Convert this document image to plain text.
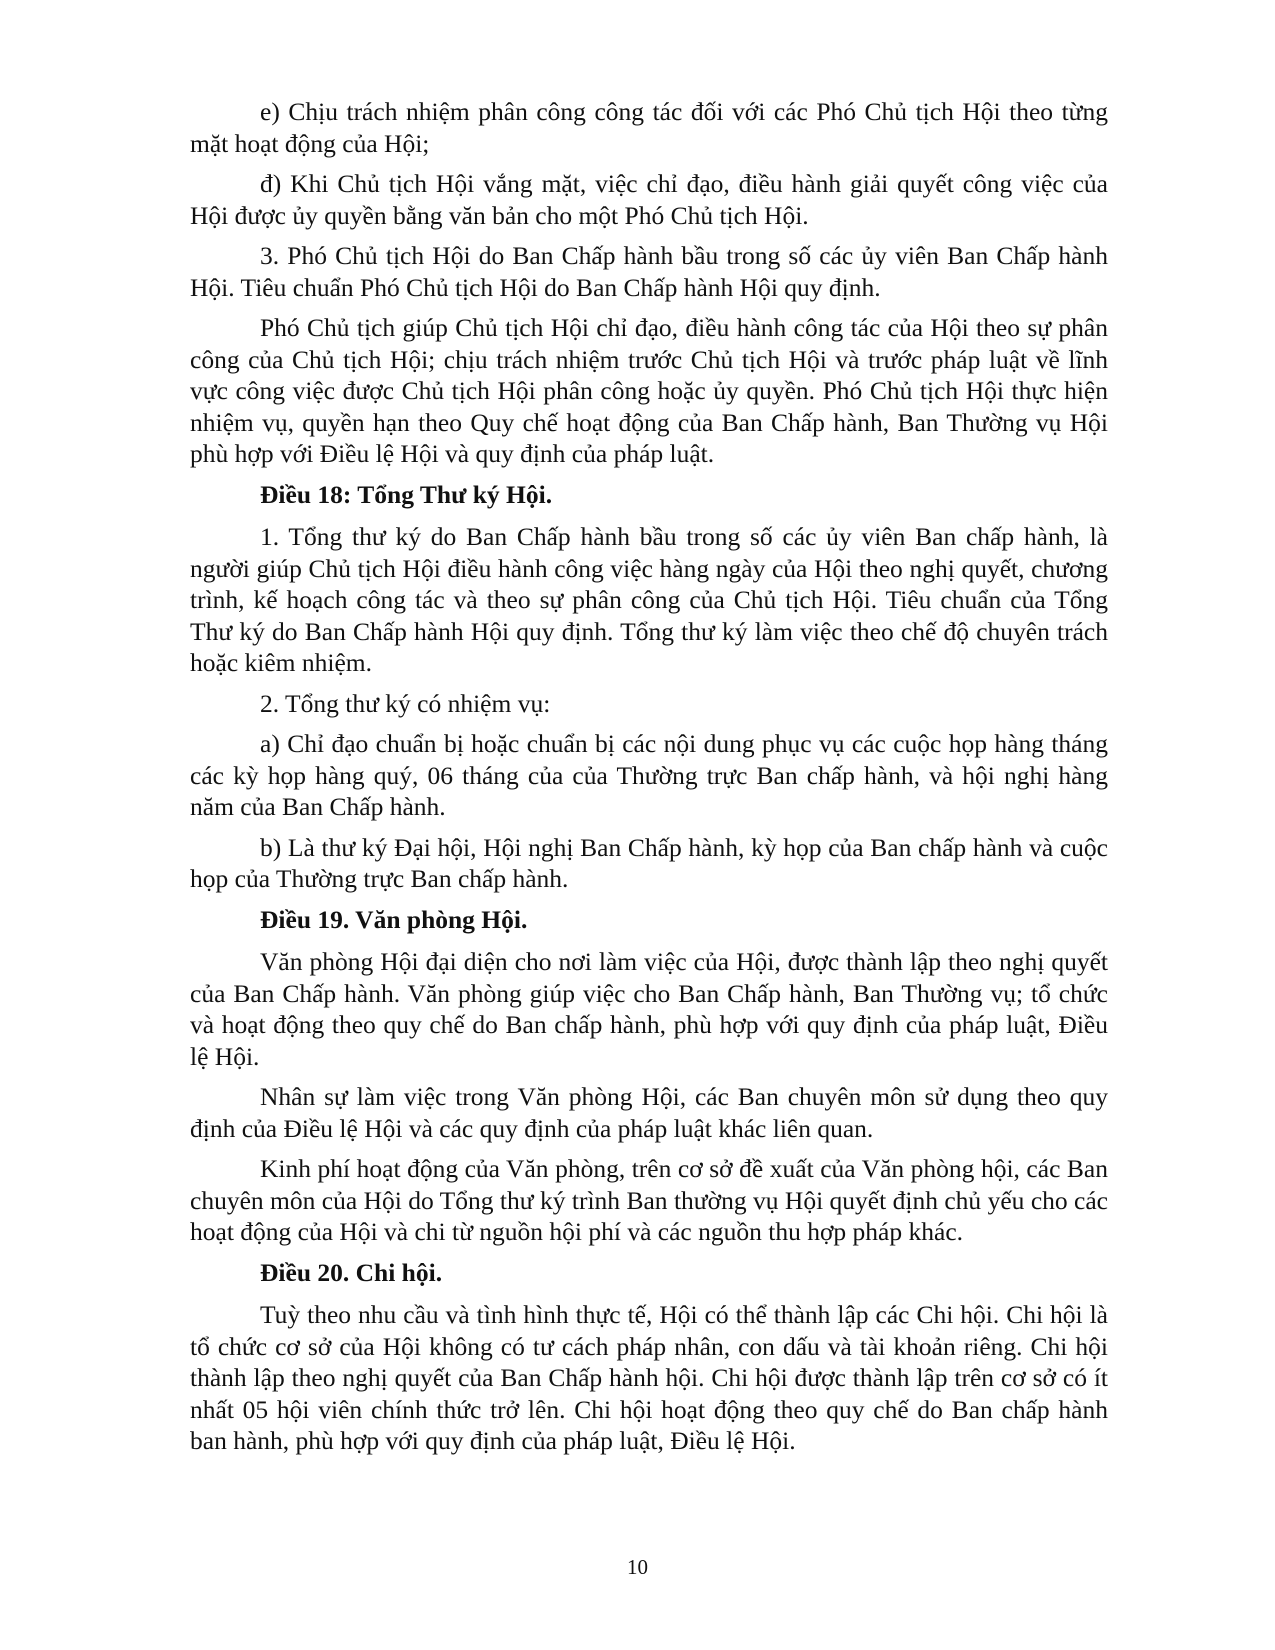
e) Chịu trách nhiệm phân công công tác đối với các Phó Chủ tịch Hội theo từng mặt hoạt động của Hội;

đ) Khi Chủ tịch Hội vắng mặt, việc chỉ đạo, điều hành giải quyết công việc của Hội được ủy quyền bằng văn bản cho một Phó Chủ tịch Hội.

3. Phó Chủ tịch Hội do Ban Chấp hành bầu trong số các ủy viên Ban Chấp hành Hội. Tiêu chuẩn Phó Chủ tịch Hội do Ban Chấp hành Hội quy định.

Phó Chủ tịch giúp Chủ tịch Hội chỉ đạo, điều hành công tác của Hội theo sự phân công của Chủ tịch Hội; chịu trách nhiệm trước Chủ tịch Hội và trước pháp luật về lĩnh vực công việc được Chủ tịch Hội phân công hoặc ủy quyền. Phó Chủ tịch Hội thực hiện nhiệm vụ, quyền hạn theo Quy chế hoạt động của Ban Chấp hành, Ban Thường vụ Hội phù hợp với Điều lệ Hội và quy định của pháp luật.

Điều 18: Tổng Thư ký Hội.

1. Tổng thư ký do Ban Chấp hành bầu trong số các ủy viên Ban chấp hành, là người giúp Chủ tịch Hội điều hành công việc hàng ngày của Hội theo nghị quyết, chương trình, kế hoạch công tác và theo sự phân công của Chủ tịch Hội. Tiêu chuẩn của Tổng Thư ký do Ban Chấp hành Hội quy định. Tổng thư ký làm việc theo chế độ chuyên trách hoặc kiêm nhiệm.

2. Tổng thư ký có nhiệm vụ:

a) Chỉ đạo chuẩn bị hoặc chuẩn bị các nội dung phục vụ các cuộc họp hàng tháng các kỳ họp hàng quý, 06 tháng của của Thường trực Ban chấp hành, và hội nghị hàng năm của Ban Chấp hành.

b) Là thư ký Đại hội, Hội nghị Ban Chấp hành, kỳ họp của Ban chấp hành và cuộc họp của Thường trực Ban chấp hành.

Điều 19. Văn phòng Hội.

Văn phòng Hội đại diện cho nơi làm việc của Hội, được thành lập theo nghị quyết của Ban Chấp hành. Văn phòng giúp việc cho Ban Chấp hành, Ban Thường vụ; tổ chức và hoạt động theo quy chế do Ban chấp hành, phù hợp với quy định của pháp luật, Điều lệ Hội.

Nhân sự làm việc trong Văn phòng Hội, các Ban chuyên môn sử dụng theo quy định của Điều lệ Hội và các quy định của pháp luật khác liên quan.

Kinh phí hoạt động của Văn phòng, trên cơ sở đề xuất của Văn phòng hội, các Ban chuyên môn của Hội do Tổng thư ký trình Ban thường vụ Hội quyết định chủ yếu cho các hoạt động của Hội và chi từ nguồn hội phí và các nguồn thu hợp pháp khác.

Điều 20. Chi hội.

Tuỳ theo nhu cầu và tình hình thực tế, Hội có thể thành lập các Chi hội. Chi hội là tổ chức cơ sở của Hội không có tư cách pháp nhân, con dấu và tài khoản riêng. Chi hội thành lập theo nghị quyết của Ban Chấp hành hội. Chi hội được thành lập trên cơ sở có ít nhất 05 hội viên chính thức trở lên. Chi hội hoạt động theo quy chế do Ban chấp hành ban hành, phù hợp với quy định của pháp luật, Điều lệ Hội.

10
